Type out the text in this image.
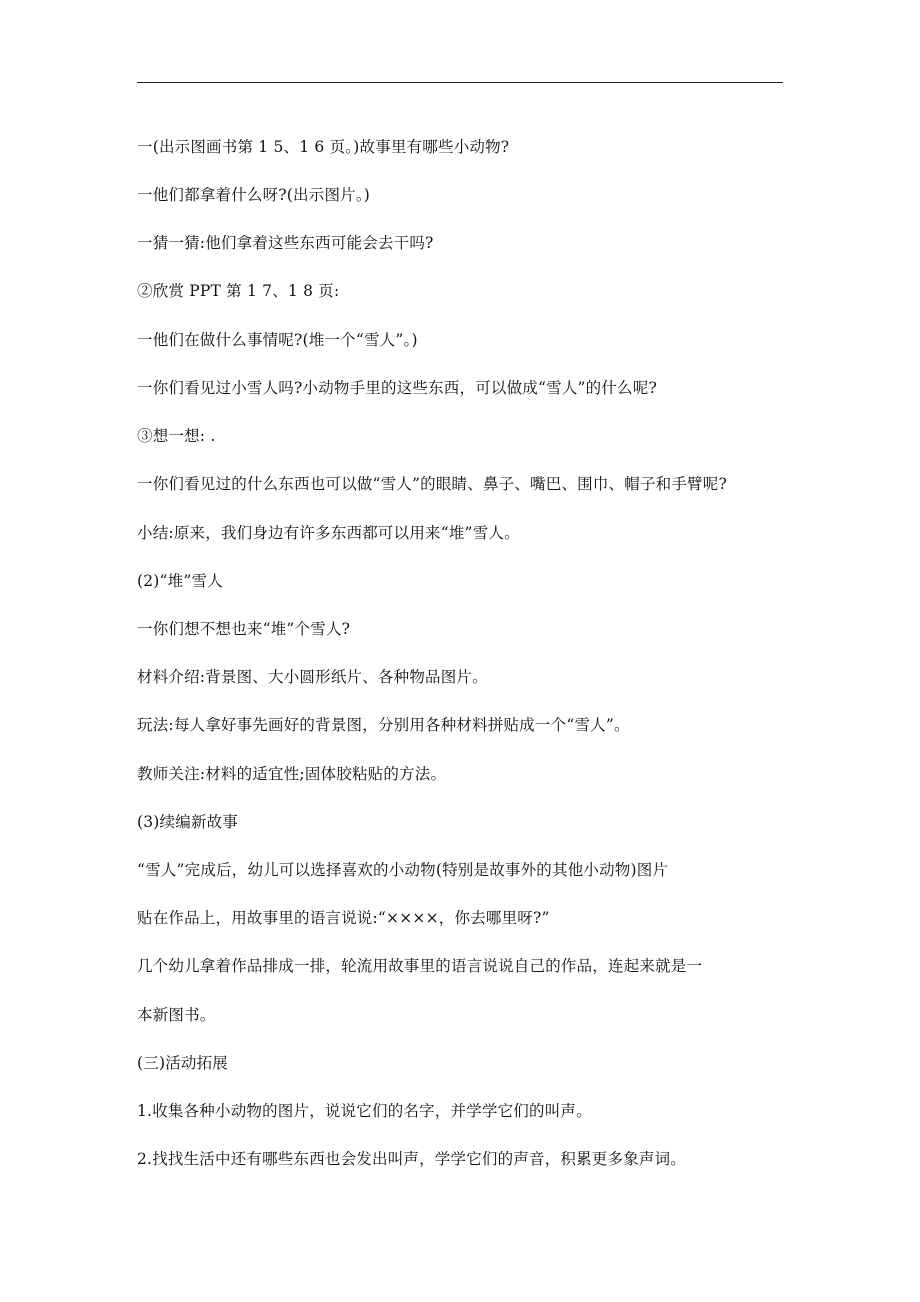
一(出示图画书第 1 5、1 6 页。)故事里有哪些小动物?
一他们都拿着什么呀?(出示图片。)
一猜一猜:他们拿着这些东西可能会去干吗?
②欣赏 PPT 第 1 7、1 8 页:
一他们在做什么事情呢?(堆一个“雪人”。)
一你们看见过小雪人吗?小动物手里的这些东西，可以做成“雪人”的什么呢?
③想一想: .
一你们看见过的什么东西也可以做“雪人”的眼睛、鼻子、嘴巴、围巾、帽子和手臂呢?
小结:原来，我们身边有许多东西都可以用来“堆”雪人。
(2)“堆”雪人
一你们想不想也来“堆”个雪人?
材料介绍:背景图、大小圆形纸片、各种物品图片。
玩法:每人拿好事先画好的背景图，分别用各种材料拼贴成一个“雪人”。
教师关注:材料的适宜性;固体胶粘贴的方法。
(3)续编新故事
“雪人”完成后，幼儿可以选择喜欢的小动物(特别是故事外的其他小动物)图片
贴在作品上，用故事里的语言说说:“××××，你去哪里呀?”
几个幼儿拿着作品排成一排，轮流用故事里的语言说说自己的作品，连起来就是一
本新图书。
(三)活动拓展
1.收集各种小动物的图片，说说它们的名字，并学学它们的叫声。
2.找找生活中还有哪些东西也会发出叫声，学学它们的声音，积累更多象声词。
